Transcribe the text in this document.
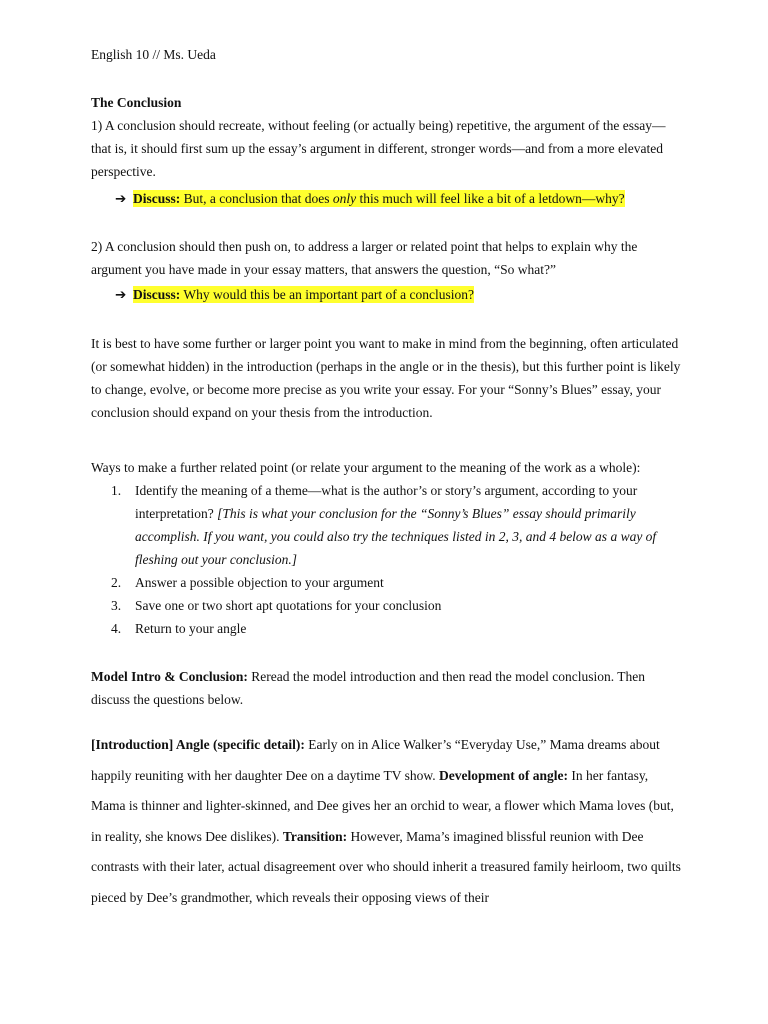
English 10 // Ms. Ueda
The Conclusion
1) A conclusion should recreate, without feeling (or actually being) repetitive, the argument of the essay—that is, it should first sum up the essay’s argument in different, stronger words—and from a more elevated perspective.
➔ Discuss: But, a conclusion that does only this much will feel like a bit of a letdown—why?
2) A conclusion should then push on, to address a larger or related point that helps to explain why the argument you have made in your essay matters, that answers the question, “So what?”
➔ Discuss: Why would this be an important part of a conclusion?
It is best to have some further or larger point you want to make in mind from the beginning, often articulated (or somewhat hidden) in the introduction (perhaps in the angle or in the thesis), but this further point is likely to change, evolve, or become more precise as you write your essay. For your “Sonny’s Blues” essay, your conclusion should expand on your thesis from the introduction.
Ways to make a further related point (or relate your argument to the meaning of the work as a whole):
1. Identify the meaning of a theme—what is the author’s or story’s argument, according to your interpretation? [This is what your conclusion for the “Sonny’s Blues” essay should primarily accomplish. If you want, you could also try the techniques listed in 2, 3, and 4 below as a way of fleshing out your conclusion.]
2. Answer a possible objection to your argument
3. Save one or two short apt quotations for your conclusion
4. Return to your angle
Model Intro & Conclusion: Reread the model introduction and then read the model conclusion. Then discuss the questions below.
[Introduction] Angle (specific detail): Early on in Alice Walker’s “Everyday Use,” Mama dreams about happily reuniting with her daughter Dee on a daytime TV show. Development of angle: In her fantasy, Mama is thinner and lighter-skinned, and Dee gives her an orchid to wear, a flower which Mama loves (but, in reality, she knows Dee dislikes). Transition: However, Mama’s imagined blissful reunion with Dee contrasts with their later, actual disagreement over who should inherit a treasured family heirloom, two quilts pieced by Dee’s grandmother, which reveals their opposing views of their
